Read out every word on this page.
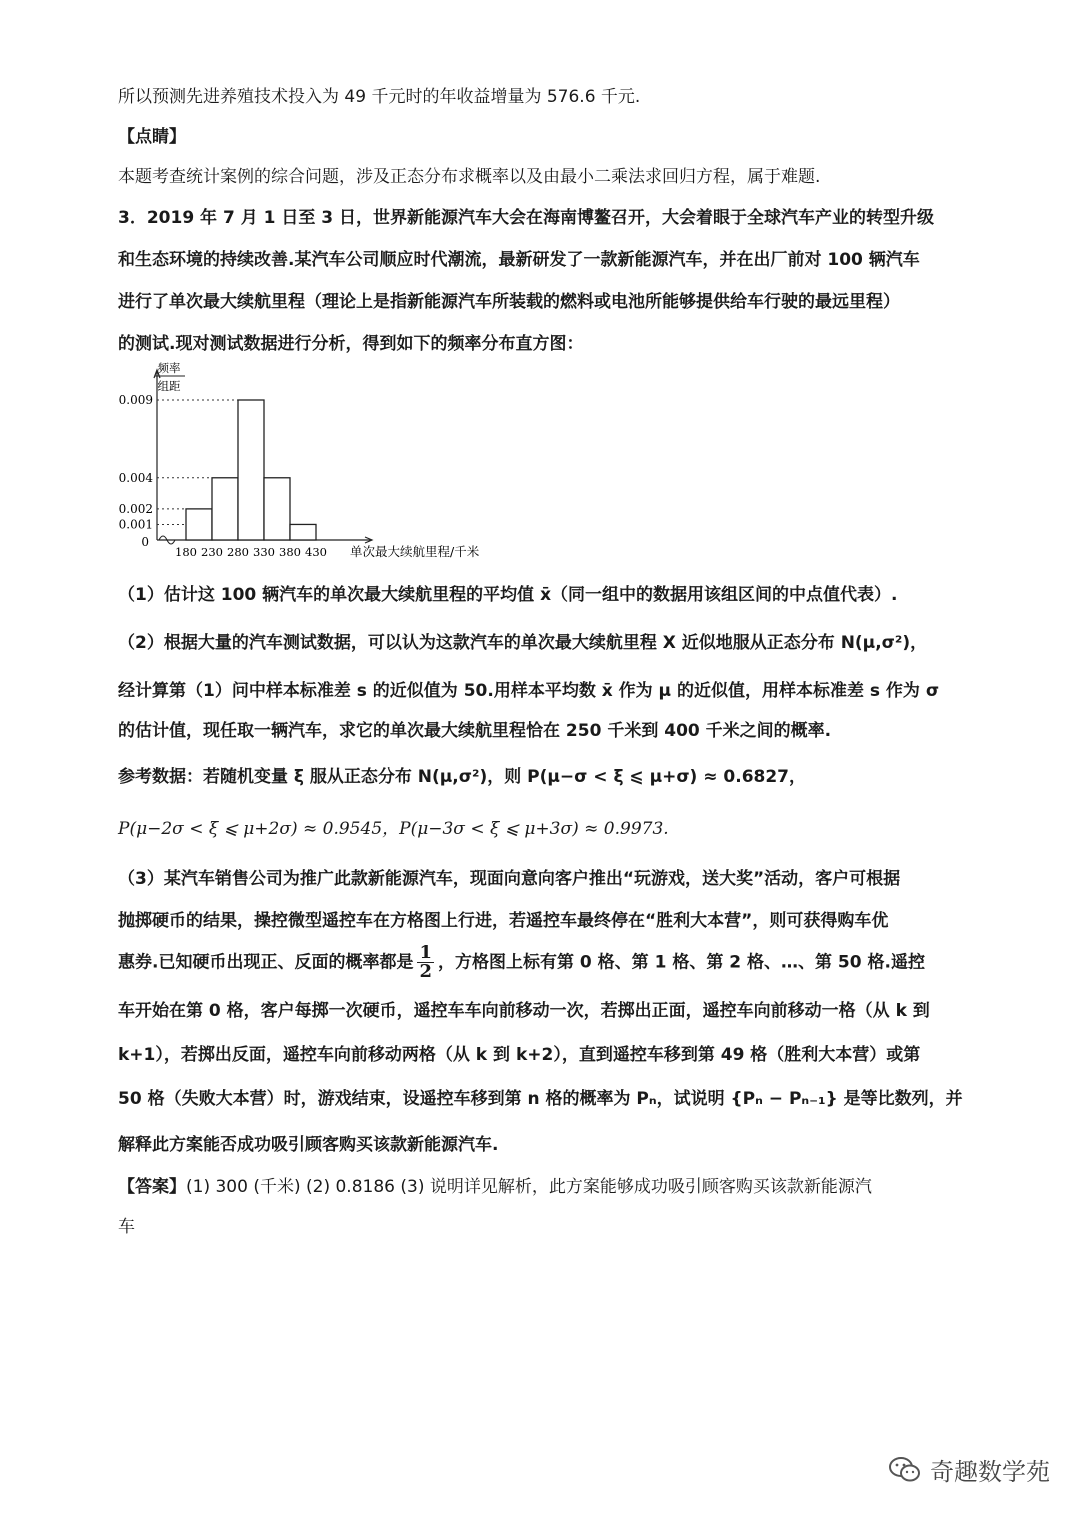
所以预测先进养殖技术投入为 49 千元时的年收益增量为 576.6 千元.
【点睛】
本题考查统计案例的综合问题，涉及正态分布求概率以及由最小二乘法求回归方程，属于难题.
3．2019 年 7 月 1 日至 3 日，世界新能源汽车大会在海南博鳌召开，大会着眼于全球汽车产业的转型升级
和生态环境的持续改善.某汽车公司顺应时代潮流，最新研发了一款新能源汽车，并在出厂前对 100 辆汽车
进行了单次最大续航里程（理论上是指新能源汽车所装载的燃料或电池所能够提供给车行驶的最远里程）
的测试.现对测试数据进行分析，得到如下的频率分布直方图：
0.001
0.002
0.004
0.009
0
180 230 280 330 380 430 单次最大续航里程/千米
频率
组距
（1）估计这 100 辆汽车的单次最大续航里程的平均值 x̄（同一组中的数据用该组区间的中点值代表）.
（2）根据大量的汽车测试数据，可以认为这款汽车的单次最大续航里程 X 近似地服从正态分布 N(μ,σ²)，
经计算第（1）问中样本标准差 s 的近似值为 50.用样本平均数 x̄ 作为 μ 的近似值，用样本标准差 s 作为 σ
的估计值，现任取一辆汽车，求它的单次最大续航里程恰在 250 千米到 400 千米之间的概率.
参考数据：若随机变量 ξ 服从正态分布 N(μ,σ²)，则 P(μ−σ < ξ ⩽ μ+σ) ≈ 0.6827，
P(μ−2σ < ξ ⩽ μ+2σ) ≈ 0.9545，P(μ−3σ < ξ ⩽ μ+3σ) ≈ 0.9973.
（3）某汽车销售公司为推广此款新能源汽车，现面向意向客户推出“玩游戏，送大奖”活动，客户可根据
抛掷硬币的结果，操控微型遥控车在方格图上行进，若遥控车最终停在“胜利大本营”，则可获得购车优
惠券.已知硬币出现正、反面的概率都是 $\frac{1}{2}$ ，方格图上标有第 0 格、第 1 格、第 2 格、…、第 50 格.遥控
车开始在第 0 格，客户每掷一次硬币，遥控车车向前移动一次，若掷出正面，遥控车向前移动一格（从 k 到
k+1），若掷出反面，遥控车向前移动两格（从 k 到 k+2），直到遥控车移到第 49 格（胜利大本营）或第
50 格（失败大本营）时，游戏结束，设遥控车移到第 n 格的概率为 Pₙ，试说明 {Pₙ − Pₙ₋₁} 是等比数列，并
解释此方案能否成功吸引顾客购买该款新能源汽车.
【答案】(1) 300 (千米) (2) 0.8186 (3) 说明详见解析，此方案能够成功吸引顾客购买该款新能源汽
车
奇趣数学苑
